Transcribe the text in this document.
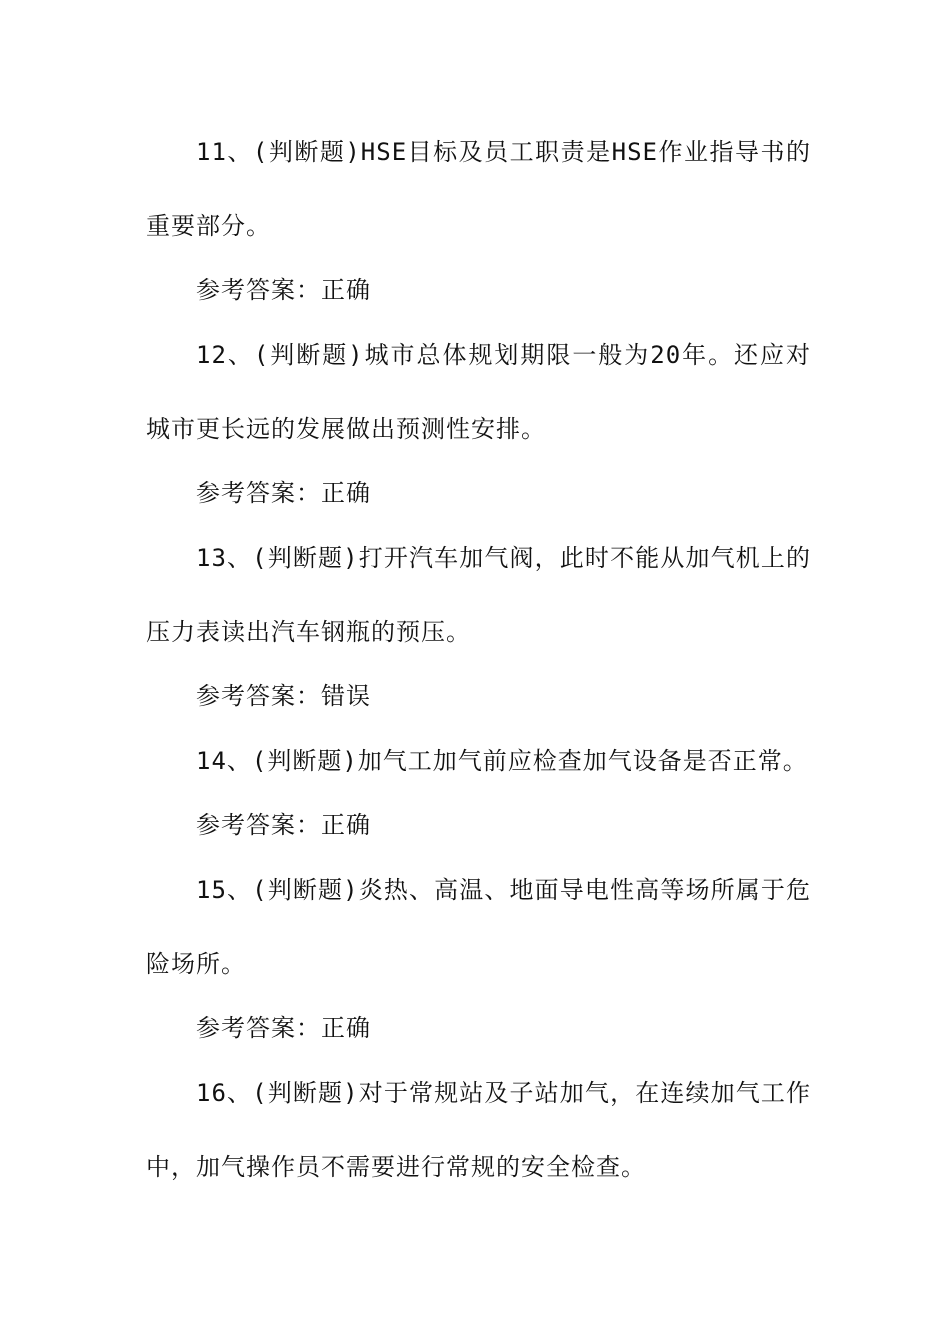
11、(判断题)HSE目标及员工职责是HSE作业指导书的
重要部分。
参考答案：正确
12、(判断题)城市总体规划期限一般为20年。还应对
城市更长远的发展做出预测性安排。
参考答案：正确
13、(判断题)打开汽车加气阀，此时不能从加气机上的
压力表读出汽车钢瓶的预压。
参考答案：错误
14、(判断题)加气工加气前应检查加气设备是否正常。
参考答案：正确
15、(判断题)炎热、高温、地面导电性高等场所属于危
险场所。
参考答案：正确
16、(判断题)对于常规站及子站加气，在连续加气工作
中，加气操作员不需要进行常规的安全检查。
